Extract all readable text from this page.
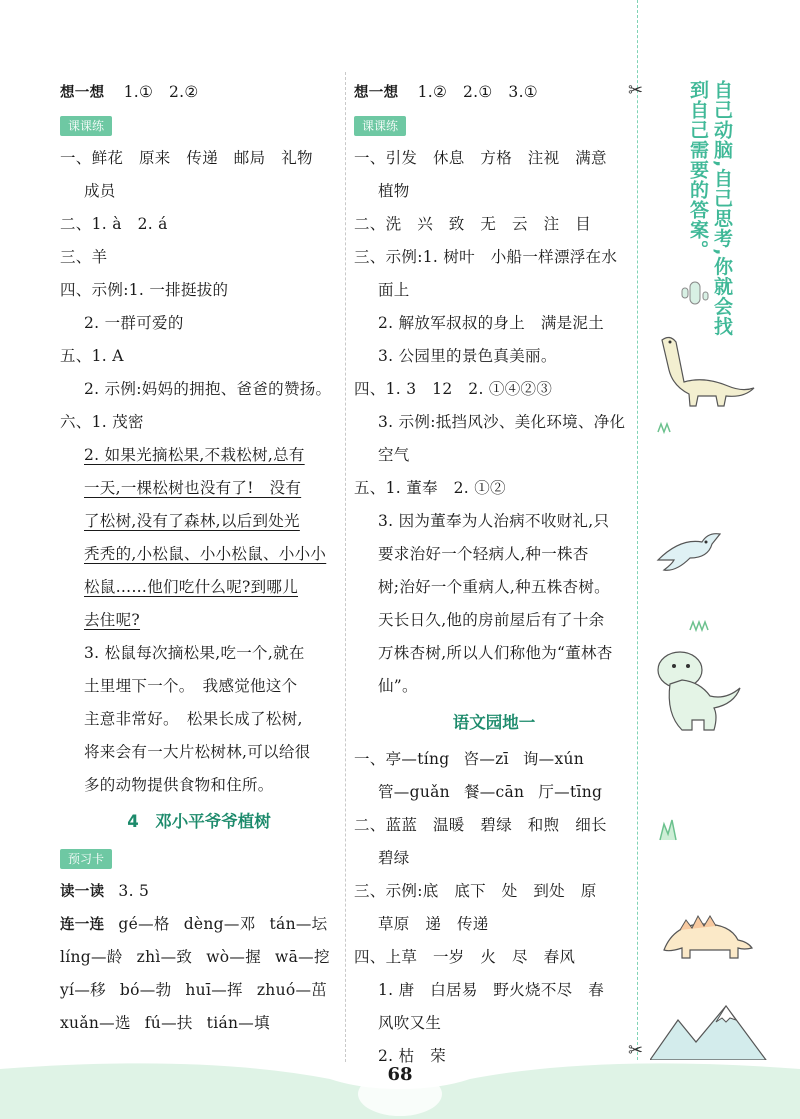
想一想 1.①　2.②
课课练
一、鲜花　原来　传递　邮局　礼物
成员
二、1. à　2. á
三、羊
四、示例:1. 一排挺拔的
2. 一群可爱的
五、1. A
2. 示例:妈妈的拥抱、爸爸的赞扬。
六、1. 茂密
2. 如果光摘松果,不栽松树,总有
一天,一棵松树也没有了!　没有
了松树,没有了森林,以后到处光
秃秃的,小松鼠、小小松鼠、小小小
松鼠……他们吃什么呢?到哪儿
去住呢?
3. 松鼠每次摘松果,吃一个,就在
土里埋下一个。　我感觉他这个
主意非常好。　松果长成了松树,
将来会有一大片松树林,可以给很
多的动物提供食物和住所。
4　邓小平爷爷植树
预习卡
读一读 3. 5
连一连 gé—格 dèng—邓 tán—坛
líng—龄 zhì—致 wò—握 wā—挖
yí—移 bó—勃 huī—挥 zhuó—茁
xuǎn—选 fú—扶 tián—填
想一想 1.②　2.①　3.①
课课练
一、引发　休息　方格　注视　满意
植物
二、洗　兴　致　无　云　注　目
三、示例:1. 树叶　小船一样漂浮在水
面上
2. 解放军叔叔的身上　满是泥土
3. 公园里的景色真美丽。
四、1. 3　12　2. ①④②③
3. 示例:抵挡风沙、美化环境、净化
空气
五、1. 董奉　2. ①②
3. 因为董奉为人治病不收财礼,只
要求治好一个轻病人,种一株杏
树;治好一个重病人,种五株杏树。
天长日久,他的房前屋后有了十余
万株杏树,所以人们称他为“董林杏
仙”。
语文园地一
一、亭—tíng 咨—zī 询—xún
管—guǎn 餐—cān 厅—tīng
二、蓝蓝　温暖　碧绿　和煦　细长
碧绿
三、示例:底　底下　处　到处　原
草原　递　传递
四、上草　一岁　火　尽　春风
1. 唐　白居易　野火烧不尽　春
风吹又生
2. 枯　荣
✂
✂
自己动脑,自己思考,你就会找到自己需要的答案。
68
